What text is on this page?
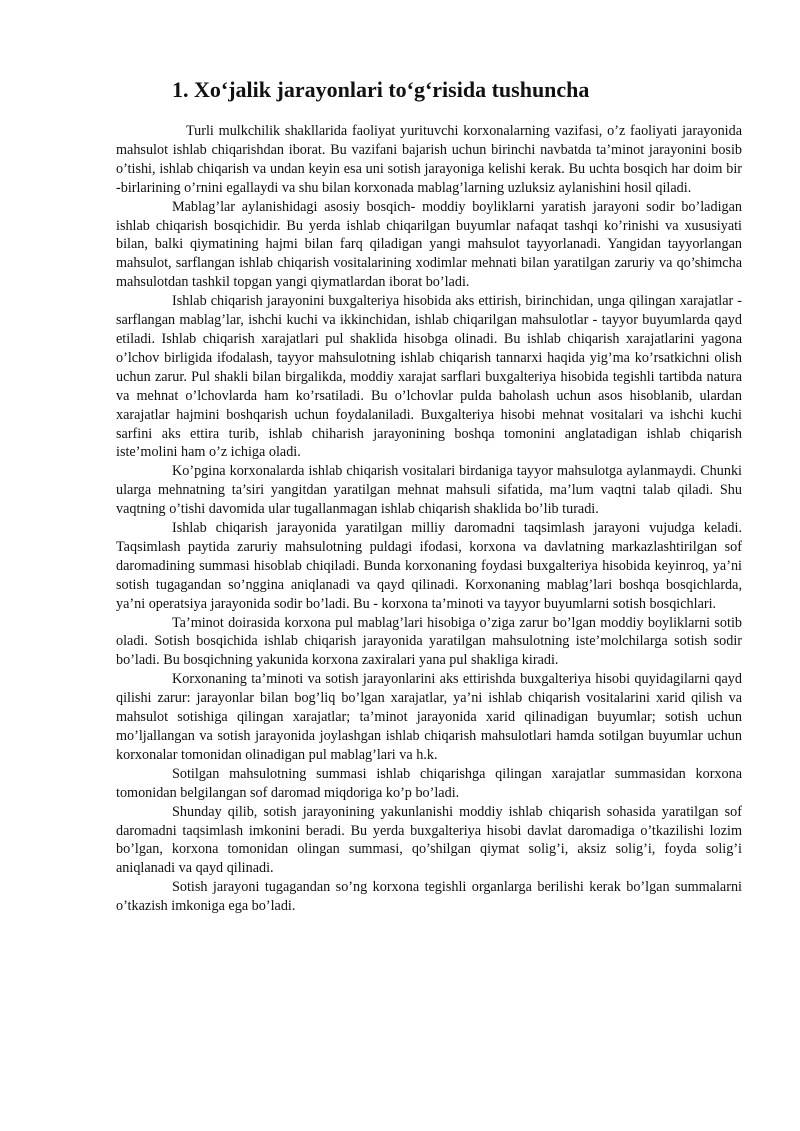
1. Xo‘jalik jarayonlari to‘g‘risida tushuncha

Turli mulkchilik shakllarida faoliyat yurituvchi korxonalarning vazifasi, o’z faoliyati jarayonida mahsulot ishlab chiqarishdan iborat. Bu vazifani bajarish uchun birinchi navbatda ta’minot jarayonini bosib o’tishi, ishlab chiqarish va undan keyin esa uni sotish jarayoniga kelishi kerak. Bu uchta bosqich har doim bir -birlarining o’rnini egallaydi va shu bilan korxonada mablag’larning uzluksiz aylanishini hosil qiladi.

Mablag’lar aylanishidagi asosiy bosqich- moddiy boyliklarni yaratish jarayoni sodir bo’ladigan ishlab chiqarish bosqichidir. Bu yerda ishlab chiqarilgan buyumlar nafaqat tashqi ko’rinishi va xususiyati bilan, balki qiymatining hajmi bilan farq qiladigan yangi mahsulot tayyorlanadi. Yangidan tayyorlangan mahsulot, sarflangan ishlab chiqarish vositalarining xodimlar mehnati bilan yaratilgan zaruriy va qo’shimcha mahsulotdan tashkil topgan yangi qiymatlardan iborat bo’ladi.

Ishlab chiqarish jarayonini buxgalteriya hisobida aks ettirish, birinchidan, unga qilingan xarajatlar - sarflangan mablag’lar, ishchi kuchi va ikkinchidan, ishlab chiqarilgan mahsulotlar - tayyor buyumlarda qayd etiladi. Ishlab chiqarish xarajatlari pul shaklida hisobga olinadi. Bu ishlab chiqarish xarajatlarini yagona o’lchov birligida ifodalash, tayyor mahsulotning ishlab chiqarish tannarxi haqida yig’ma ko’rsatkichni olish uchun zarur. Pul shakli bilan birgalikda, moddiy xarajat sarflari buxgalteriya hisobida tegishli tartibda natura va mehnat o’lchovlarda ham ko’rsatiladi. Bu o’lchovlar pulda baholash uchun asos hisoblanib, ulardan xarajatlar hajmini boshqarish uchun foydalaniladi. Buxgalteriya hisobi mehnat vositalari va ishchi kuchi sarfini aks ettira turib, ishlab chiharish jarayonining boshqa tomonini anglatadigan ishlab chiqarish iste’molini ham o’z ichiga oladi.

Ko’pgina korxonalarda ishlab chiqarish vositalari birdaniga tayyor mahsulotga aylanmaydi. Chunki ularga mehnatning ta’siri yangitdan yaratilgan mehnat mahsuli sifatida, ma’lum vaqtni talab qiladi. Shu vaqtning o’tishi davomida ular tugallanmagan ishlab chiqarish shaklida bo’lib turadi.

Ishlab chiqarish jarayonida yaratilgan milliy daromadni taqsimlash jarayoni vujudga keladi. Taqsimlash paytida zaruriy mahsulotning puldagi ifodasi, korxona va davlatning markazlashtirilgan sof daromadining summasi hisoblab chiqiladi. Bunda korxonaning foydasi buxgalteriya hisobida keyinroq, ya’ni sotish tugagandan so’nggina aniqlanadi va qayd qilinadi. Korxonaning mablag’lari boshqa bosqichlarda, ya’ni operatsiya jarayonida sodir bo’ladi. Bu - korxona ta’minoti va tayyor buyumlarni sotish bosqichlari.

Ta’minot doirasida korxona pul mablag’lari hisobiga o’ziga zarur bo’lgan moddiy boyliklarni sotib oladi. Sotish bosqichida ishlab chiqarish jarayonida yaratilgan mahsulotning iste’molchilarga sotish sodir bo’ladi. Bu bosqichning yakunida korxona zaxiralari yana pul shakliga kiradi.

Korxonaning ta’minoti va sotish jarayonlarini aks ettirishda buxgalteriya hisobi quyidagilarni qayd qilishi zarur: jarayonlar bilan bog’liq bo’lgan xarajatlar, ya’ni ishlab chiqarish vositalarini xarid qilish va mahsulot sotishiga qilingan xarajatlar; ta’minot jarayonida xarid qilinadigan buyumlar; sotish uchun mo’ljallangan va sotish jarayonida joylashgan ishlab chiqarish mahsulotlari hamda sotilgan buyumlar uchun korxonalar tomonidan olinadigan pul mablag’lari va h.k.

Sotilgan mahsulotning summasi ishlab chiqarishga qilingan xarajatlar summasidan korxona tomonidan belgilangan sof daromad miqdoriga ko’p bo’ladi.

Shunday qilib, sotish jarayonining yakunlanishi moddiy ishlab chiqarish sohasida yaratilgan sof daromadni taqsimlash imkonini beradi. Bu yerda buxgalteriya hisobi davlat daromadiga o’tkazilishi lozim bo’lgan, korxona tomonidan olingan summasi, qo’shilgan qiymat solig’i, aksiz solig’i, foyda solig’i aniqlanadi va qayd qilinadi.

Sotish jarayoni tugagandan so’ng korxona tegishli organlarga berilishi kerak bo’lgan summalarni o’tkazish imkoniga ega bo’ladi.
